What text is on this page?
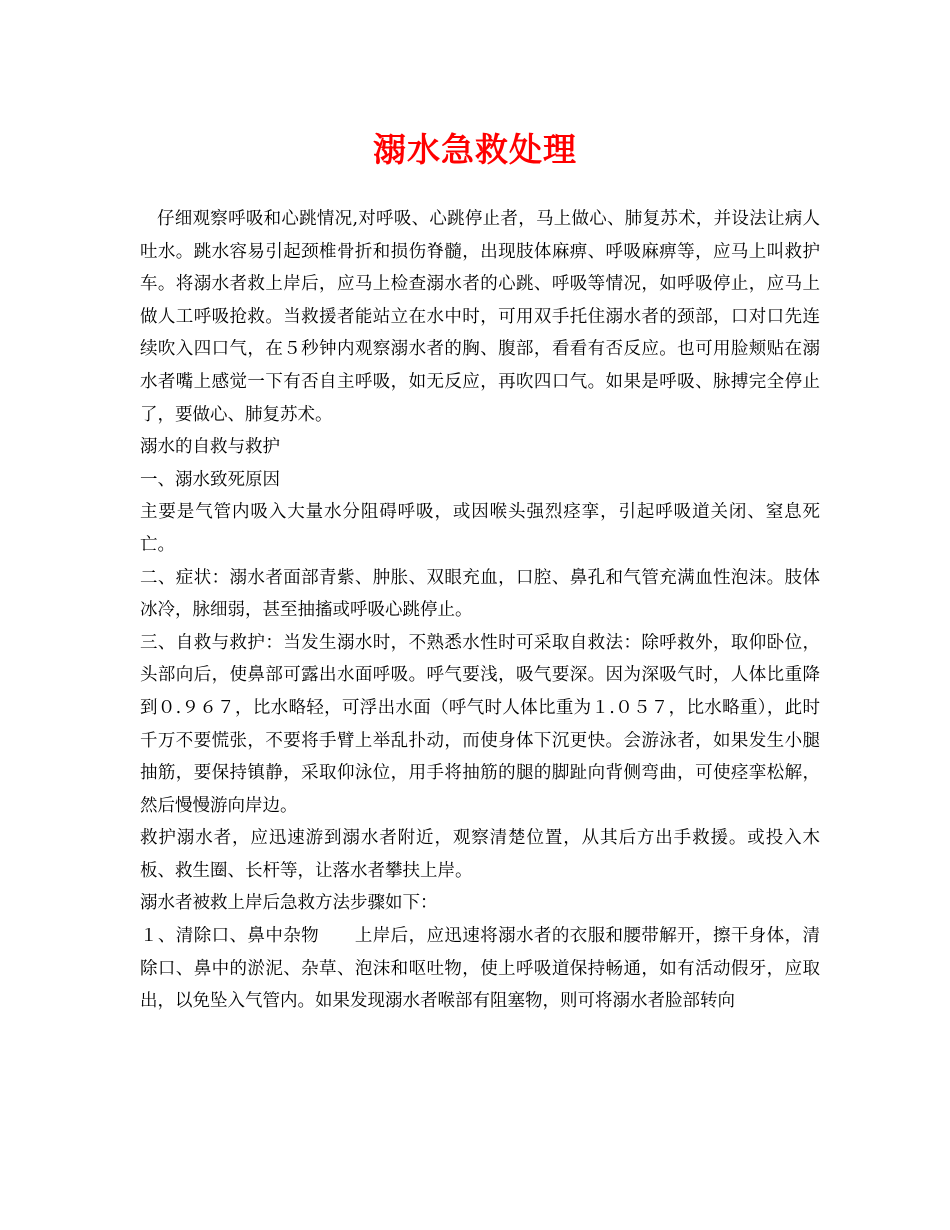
溺水急救处理

仔细观察呼吸和心跳情况,对呼吸、心跳停止者，马上做心、肺复苏术，并设法让病人吐水。跳水容易引起颈椎骨折和损伤脊髓，出现肢体麻痹、呼吸麻痹等，应马上叫救护车。将溺水者救上岸后，应马上检查溺水者的心跳、呼吸等情况，如呼吸停止，应马上做人工呼吸抢救。当救援者能站立在水中时，可用双手托住溺水者的颈部，口对口先连续吹入四口气，在５秒钟内观察溺水者的胸、腹部，看看有否反应。也可用脸颊贴在溺水者嘴上感觉一下有否自主呼吸，如无反应，再吹四口气。如果是呼吸、脉搏完全停止了，要做心、肺复苏术。

溺水的自救与救护

一、溺水致死原因

主要是气管内吸入大量水分阻碍呼吸，或因喉头强烈痉挛，引起呼吸道关闭、窒息死亡。

二、症状：溺水者面部青紫、肿胀、双眼充血，口腔、鼻孔和气管充满血性泡沫。肢体冰冷，脉细弱，甚至抽搐或呼吸心跳停止。

三、自救与救护：当发生溺水时，不熟悉水性时可采取自救法：除呼救外，取仰卧位，头部向后，使鼻部可露出水面呼吸。呼气要浅，吸气要深。因为深吸气时，人体比重降到０.９６７，比水略轻，可浮出水面（呼气时人体比重为１.０５７，比水略重），此时千万不要慌张，不要将手臂上举乱扑动，而使身体下沉更快。会游泳者，如果发生小腿抽筋，要保持镇静，采取仰泳位，用手将抽筋的腿的脚趾向背侧弯曲，可使痉挛松解，然后慢慢游向岸边。

救护溺水者，应迅速游到溺水者附近，观察清楚位置，从其后方出手救援。或投入木板、救生圈、长杆等，让落水者攀扶上岸。

溺水者被救上岸后急救方法步骤如下：

１、清除口、鼻中杂物　　上岸后，应迅速将溺水者的衣服和腰带解开，擦干身体，清除口、鼻中的淤泥、杂草、泡沫和呕吐物，使上呼吸道保持畅通，如有活动假牙，应取出，以免坠入气管内。如果发现溺水者喉部有阻塞物，则可将溺水者脸部转向
